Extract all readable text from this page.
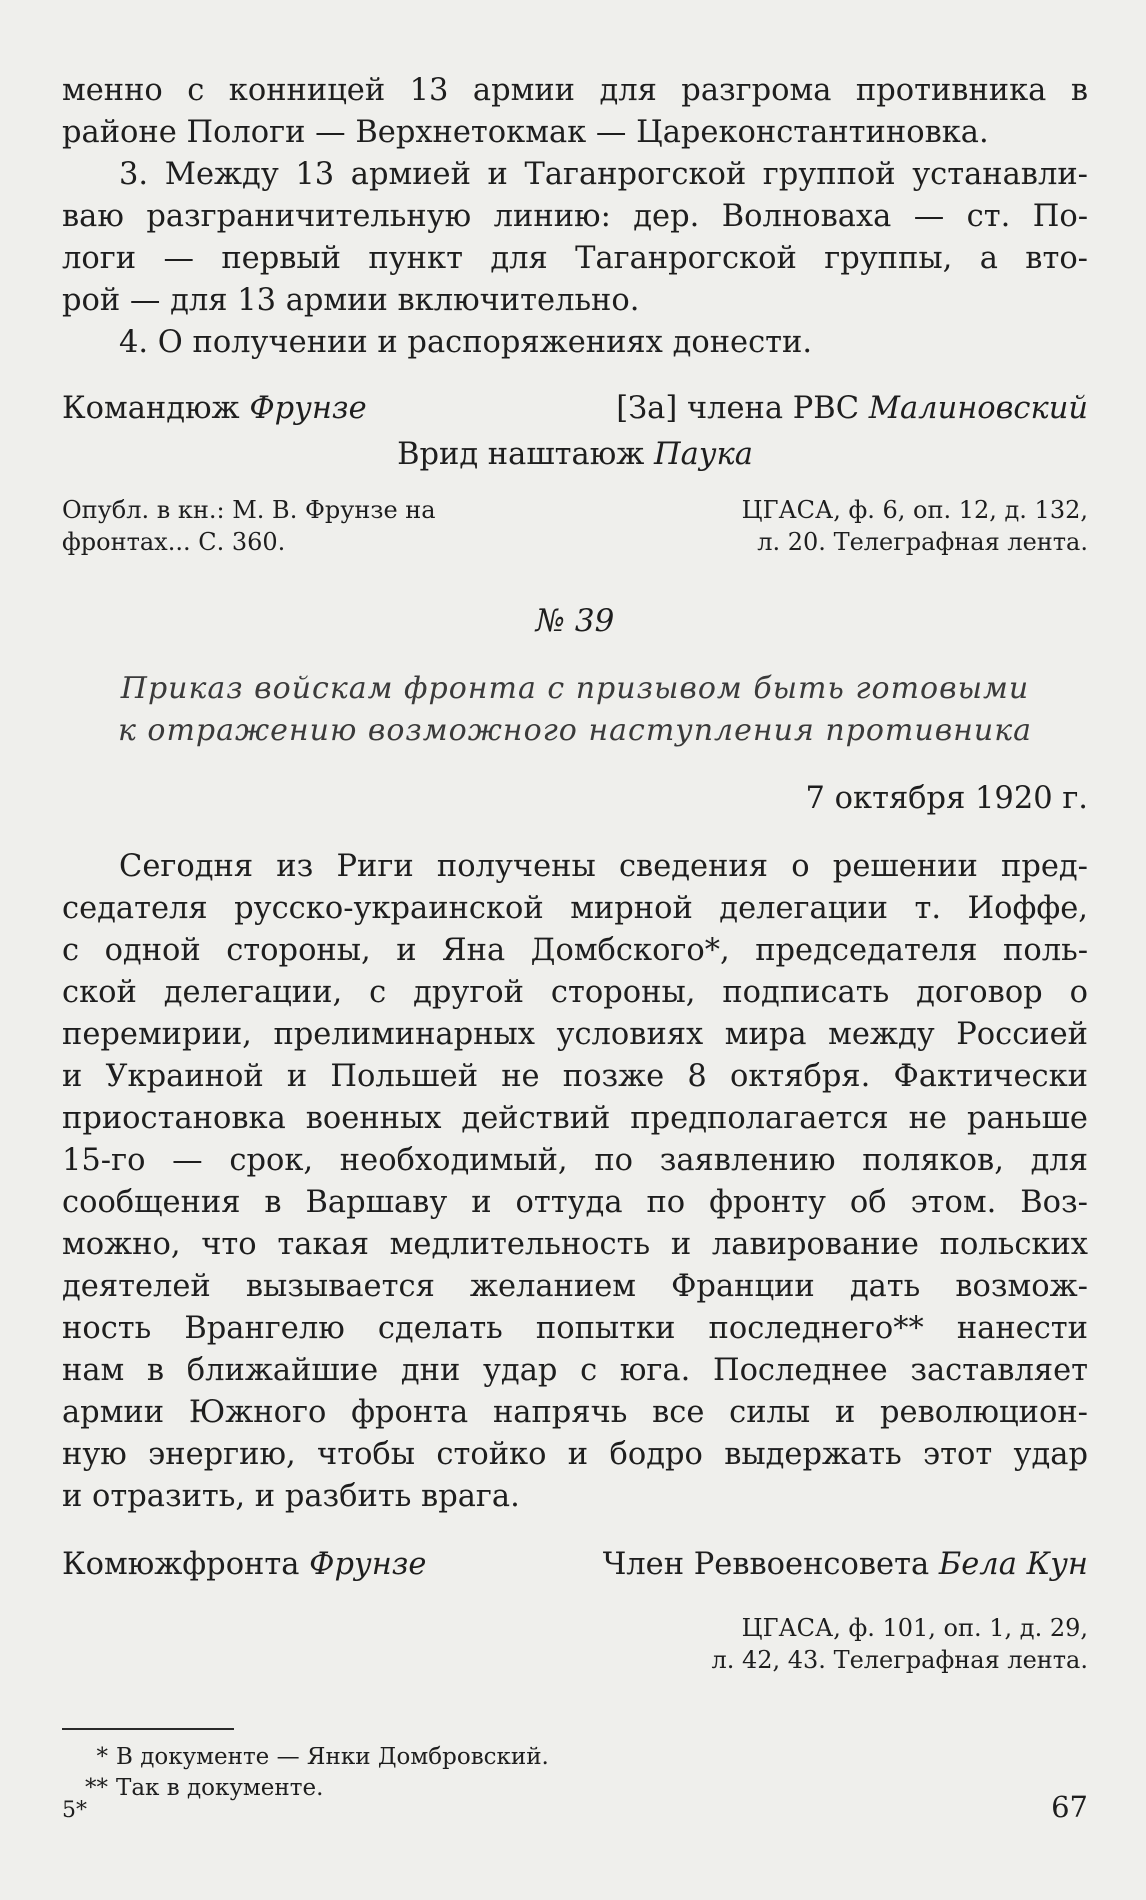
менно с конницей 13 армии для разгрома противника в
районе Пологи — Верхнетокмак — Цареконстантиновка.
3. Между 13 армией и Таганрогской группой устанавли-
ваю разграничительную линию: дер. Волноваха — ст. По-
логи — первый пункт для Таганрогской группы, а вто-
рой — для 13 армии включительно.
4. О получении и распоряжениях донести.
Командюж Фрунзе	[За] члена РВС Малиновский
Врид наштаюж Паука
Опубл. в кн.: М. В. Фрунзе на
фронтах... С. 360.
ЦГАСА, ф. 6, оп. 12, д. 132,
л. 20. Телеграфная лента.
№ 39
Приказ войскам фронта с призывом быть готовыми
к отражению возможного наступления противника
7 октября 1920 г.
Сегодня из Риги получены сведения о решении пред-
седателя русско-украинской мирной делегации т. Иоффе,
с одной стороны, и Яна Домбского*, председателя поль-
ской делегации, с другой стороны, подписать договор о
перемирии, прелиминарных условиях мира между Россией
и Украиной и Польшей не позже 8 октября. Фактически
приостановка военных действий предполагается не раньше
15-го — срок, необходимый, по заявлению поляков, для
сообщения в Варшаву и оттуда по фронту об этом. Воз-
можно, что такая медлительность и лавирование польских
деятелей вызывается желанием Франции дать возмож-
ность Врангелю сделать попытки последнего** нанести
нам в ближайшие дни удар с юга. Последнее заставляет
армии Южного фронта напрячь все силы и революцион-
ную энергию, чтобы стойко и бодро выдержать этот удар
и отразить, и разбить врага.
Комюжфронта Фрунзе	Член Реввоенсовета Бела Кун
ЦГАСА, ф. 101, оп. 1, д. 29,
л. 42, 43. Телеграфная лента.
* В документе — Янки Домбровский.
** Так в документе.
5*	67
